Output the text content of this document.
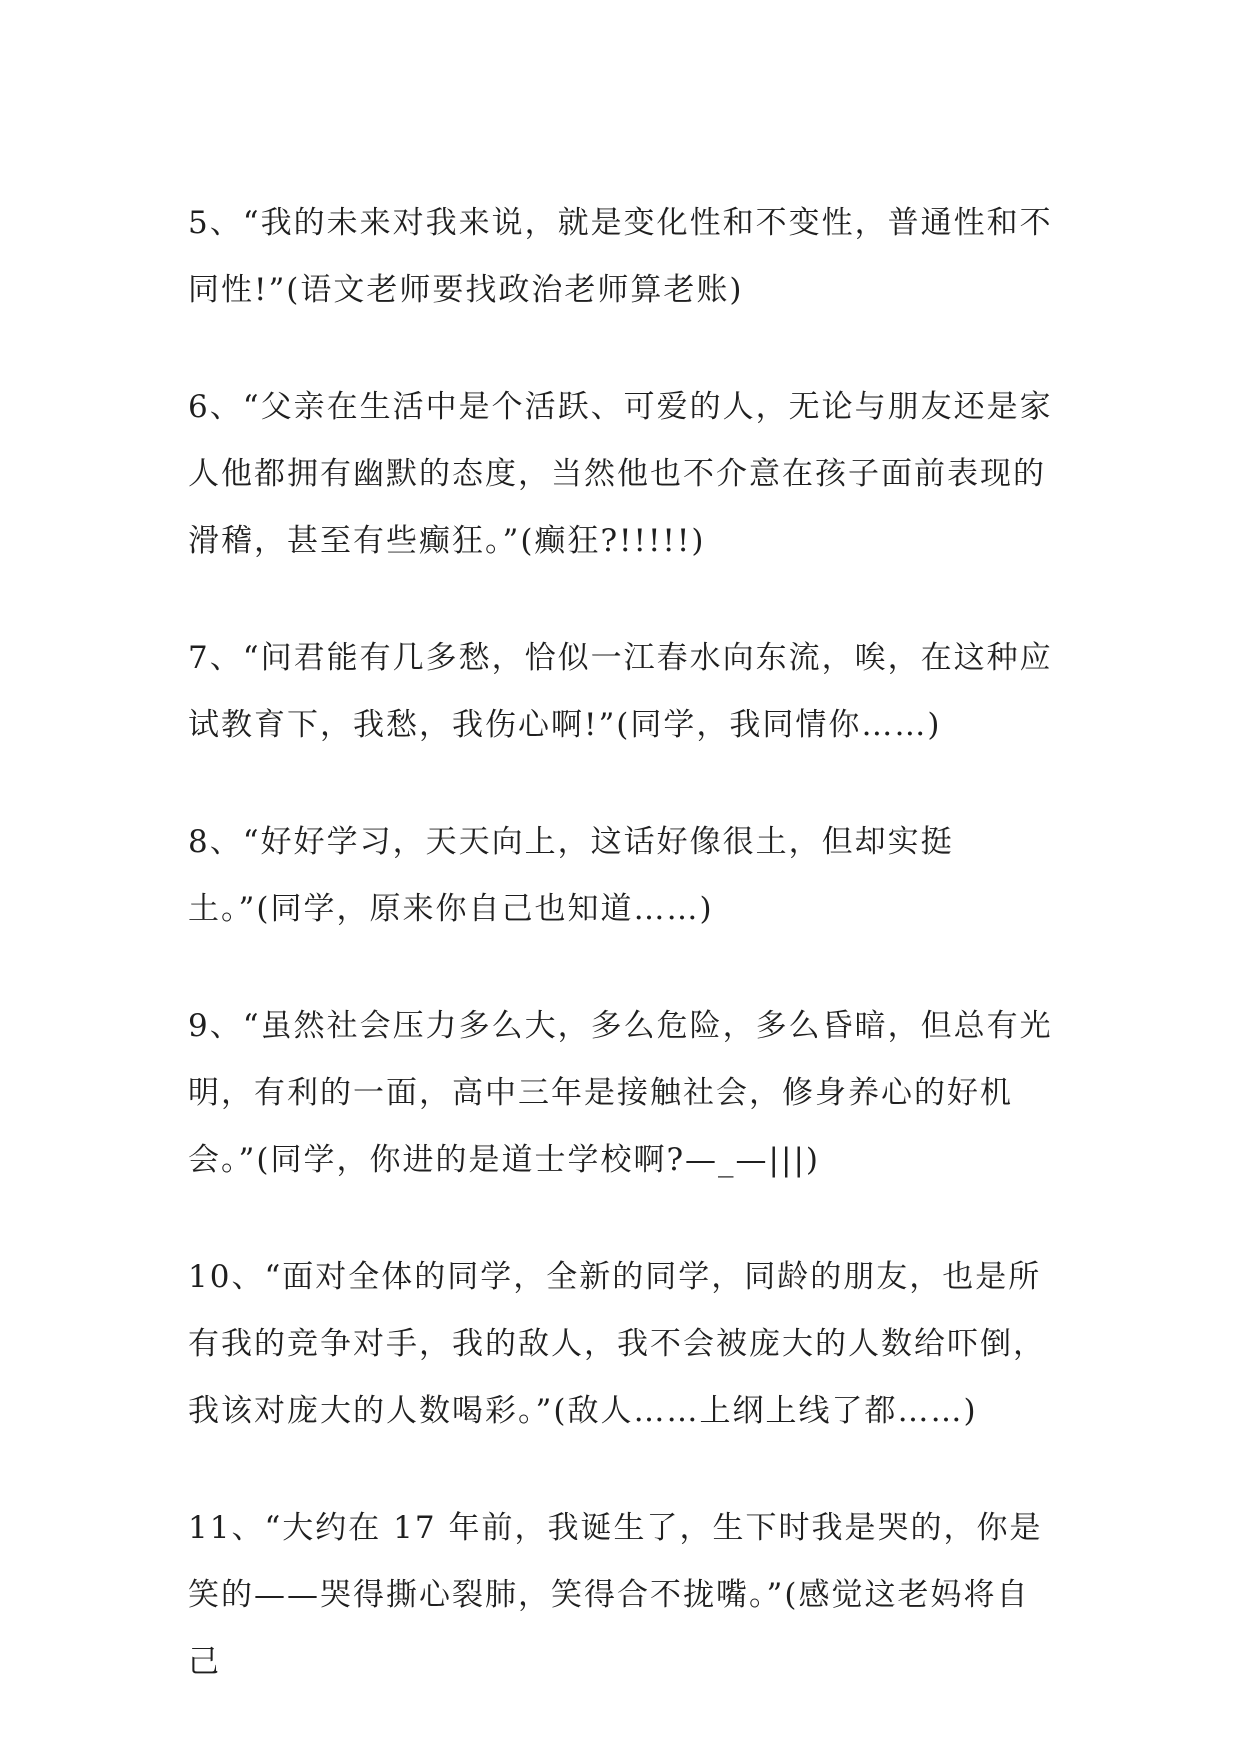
5、“我的未来对我来说，就是变化性和不变性，普通性和不同性!”(语文老师要找政治老师算老账)

6、“父亲在生活中是个活跃、可爱的人，无论与朋友还是家人他都拥有幽默的态度，当然他也不介意在孩子面前表现的滑稽，甚至有些癫狂。”(癫狂?!!!!!)

7、“问君能有几多愁，恰似一江春水向东流，唉，在这种应试教育下，我愁，我伤心啊!”(同学，我同情你……)

8、“好好学习，天天向上，这话好像很土，但却实挺土。”(同学，原来你自己也知道……)

9、“虽然社会压力多么大，多么危险，多么昏暗，但总有光明，有利的一面，高中三年是接触社会，修身养心的好机会。”(同学，你进的是道士学校啊?—_—|||)

10、“面对全体的同学，全新的同学，同龄的朋友，也是所有我的竞争对手，我的敌人，我不会被庞大的人数给吓倒，我该对庞大的人数喝彩。”(敌人……上纲上线了都……)

11、“大约在 17 年前，我诞生了，生下时我是哭的，你是笑的——哭得撕心裂肺，笑得合不拢嘴。”(感觉这老妈将自己
